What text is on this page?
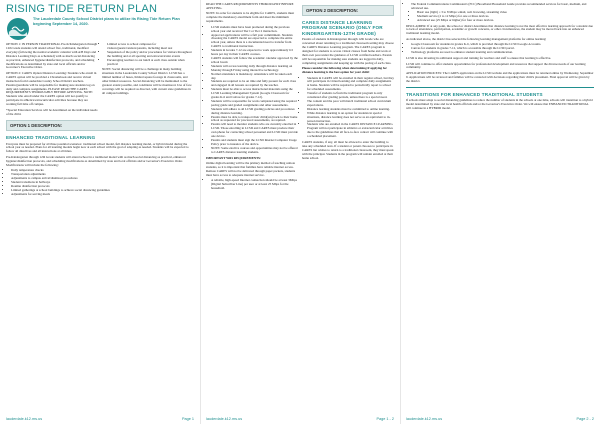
RISING TIDE RETURN PLAN
The Lauderdale County School District plans to utilize its Rising Tide Return Plan beginning September 14, 2020.

OPTION 1: IN PERSON TRADITIONAL Pre-K/Kindergarten through 12th Grade students will attend school five, traditional, modified everyday (following the normal academic calendar with A/B Days and Distance Learning Days as scheduled) with as much social distancing as practical, enhanced hygiene/disinfection protocols, and scheduling modifications as determined by state and local officials and/or Governor's Executive Order.

OPTION 2: CARES Option Distance Learning: Students who enroll in CARES option will be provided a Chromebook and receive virtual instruction from Lauderdale County School District teachers. Parents/guardians will be responsible for making sure students log on daily and complete assignments. PLEASE READ THE CARES REQUIREMENTS THOROUGHLY BEFORE APPLYING. NOTE: Students who enroll under the CARES option will not qualify to participate in athletics/extracurricular activities because they are working full time off campus.

*Special Education Services will be determined on the individual needs of the child.

• Limited access to school campuses for visitors/guests/vendors/parents, including meal rest
• Suspension of the policy and/or procedures for visitors throughout the building and at all sporting and extracurricular events
• Encouraging teachers to eat lunch at each class outside when practical

NOTE: Social distancing will be a challenge in many building situations in the Lauderdale County School District. LCSD has a limited number of buses, limited square footage in classrooms, and other limited resources. Social distancing will be maintained to the greatest extent possible, and conditions will be monitored. Use of face coverings will be required as directed, with current state guidelines in all campus buildings.

OPTION 1 DESCRIPTION:
ENHANCED TRADITIONAL LEARNING

Everyone must be prepared for all three potential scenarios: traditional school model, full distance learning model, or hybrid model during the school year as needed. Plans for all learning models begin now at each school with the goal of adapting as needed. Students will be expected to follow all directives and all instructions at all times.

Pre-Kindergarten through 12th Grade students will attend school in a traditional model with as much social distancing as practical, enhanced hygiene/disinfection protocols, and scheduling modifications as determined by state and local officials and/or Governor's Executive Order. Modifications will include the following:

• Daily temperature checks
• Transportation adjustments
• Adjustments to campus arrival/dismissal procedures
• Student transitions in hallways
• Routine disinfection protocols
• Limited gatherings at school buildings to achieve social distancing guidelines
• Adjustments for serving meals
lauderdale.k12.ms.us	Page 1

READ THE CARES REQUIREMENTS THOROUGHLY BEFORE APPLYING.

NOTE: In order for students to be eligible for CARES, students must complete the mandatory enrollment form and meet the minimum requirements.

• LCSD students must have been promoted during the previous school year and received Tier I or Tier 2 instruction.
• Approved applications will be a full year commitment. Students choosing the CARES model are expected to complete the entire school year, unless there is a documented need to transfer from CARES to traditional instruction.
• Students in Grades 7-12 are expected to work approximately 6.5 hours per day in their CARES courses.
• CARES students will follow the academic calendar approved by the school board.
• Students will access learning daily through distance learning on Monday through Friday using interactive technology.
• Normal attendance is mandatory. Attendance will be taken each day.
• Students are required to be on time and fully present for each class and engaged in all lessons as required by the teacher.
• Students must be able to access instructional materials using the LCSD Learning Management System (Google Classroom for grades K-6 and Canvas for grades 7-12).
• Students will be responsible for work completed using the required pacing guide and graded assignments and other assessments. Students will adhere to all LCSD grading policies and procedures during distance learning.
• Parents must be able to transport their child(ren) back to their home school as requested for proctored assessments, as required.
• Parents will need to monitor students who are currently enrolled in LCSD. Those enrolling in LCSD and CARES must produce their own phone for contacting school personnel and LCSD must provide one device.
• Parents and students must sign the LCSD Internet Computer Usage Policy prior to issuance of the device.
• NOTE: Some elective courses and opportunities may not be offered to CARES distance learning students.

IMPORTANT WiFi REQUIREMENTS:

Online digital learning will be the primary method of teaching remote students, so it is important that families have reliable internet access. Remote CARES will not be delivered through paper packets, students must have access to adequate internet service.

• A reliable, high-speed Internet connection should be at least 3Mbps (Digital Subscriber Line) per user or at least 25 Mbps for the household.
OPTION 2 DESCRIPTION:
CARES DISTANCE LEARNING PROGRAM SCENARIO (ONLY FOR KINDERGARTEN-12TH GRADE)

Parents of students in Kindergarten through 12th Grade who are concerned about returning to a traditional classroom setting may choose the CARES Distance Learning program. The CARES program is designed for students to access virtual classes from home and work at their own pace under the guidance of LCSD certified teachers. Parents will be responsible for making sure students are logged in daily, completing assignments and keeping up with the pacing of each class.

Please consider the following when determining if applying for distance learning is the best option for your child:

• Students in CARES will be enrolled in their regular school, but they will participate in virtual learning and complete daily assignments at home. Students will be required to periodically report to school for scheduled assessments.
• Transfer of students to/from the traditional program is only considered after grading periods, unless there is a special need.
• The content and the pace will match traditional school curriculum expectations.
• Distance learning students must be committed to online learning.
• While distance learning is an option for students in special situations, distance learning does not serve as an equivalent to in-person instruction.
• Students who are enrolled in the CARES DISTANCE LEARNING Program will not participate in athletics or extracurricular activities due to the guidelines that all face-to-face contact will continue with a scheduled placement.

CARES students, if any, all must be allowed to enter the building to take any scheduled tests. If a student or parent chooses to participate in CARES but wishes to return to a traditional classroom, they must speak with the principal. Students in the program will remain enrolled at their home school.

lauderdale.k12.ms.us	Page 1 - 2
• The Federal Communications Commission's (FCC) Broadband Household Guide provides recommended services for basic, medium, and advanced use.
• Basic use (light) = 3 to 8 Mbps: email, web browsing, streaming video
• Medium service (2 to 12 Mbps) for one or three devices.
• Advanced use (25 Mbps or higher) for four or more devices.

DISCLAIMER: If at any point, the school or district determines that distance learning is not the most effective learning approach for a student due to lack of attendance, participation, academic or growth concerns, or other circumstances, the student may be moved back into an enhanced traditional learning model.

As indicated above, the district has selected the following learning management platforms for online learning:

• Google Classroom for students in grades K-6, which is provided through the LCSD Google Accounts.
• Canvas for students in grades 7-12, which is accessible through the LCSD portal.
• Technology platforms are used to enhance student learning and communication.

LCSD is also investing in additional support and training for teachers and staff to ensure that learning is effective.

LCSD will continue to offer students opportunities for professional development and resources that support the diverse needs of our learning community.

APPLICATION PROCESS: The CARES application on the LCSD website and the applications must be returned online by Wednesday, September 9. Applications will be reviewed and families will be contacted with decisions regarding their child's placement. Final approval will be given by the district.

TRANSITIONS FOR ENHANCED TRADITIONAL STUDENTS

If schools must adapt to social distancing guidelines to reduce the number of students in the schools at one time, schools will transition to a hybrid model determined by state and local health officials and/or the Governor's Executive Order. We will ensure that ENHANCED TRADITIONAL will continue in a HYBRID model.

lauderdale.k12.ms.us	Page 2 - 2
